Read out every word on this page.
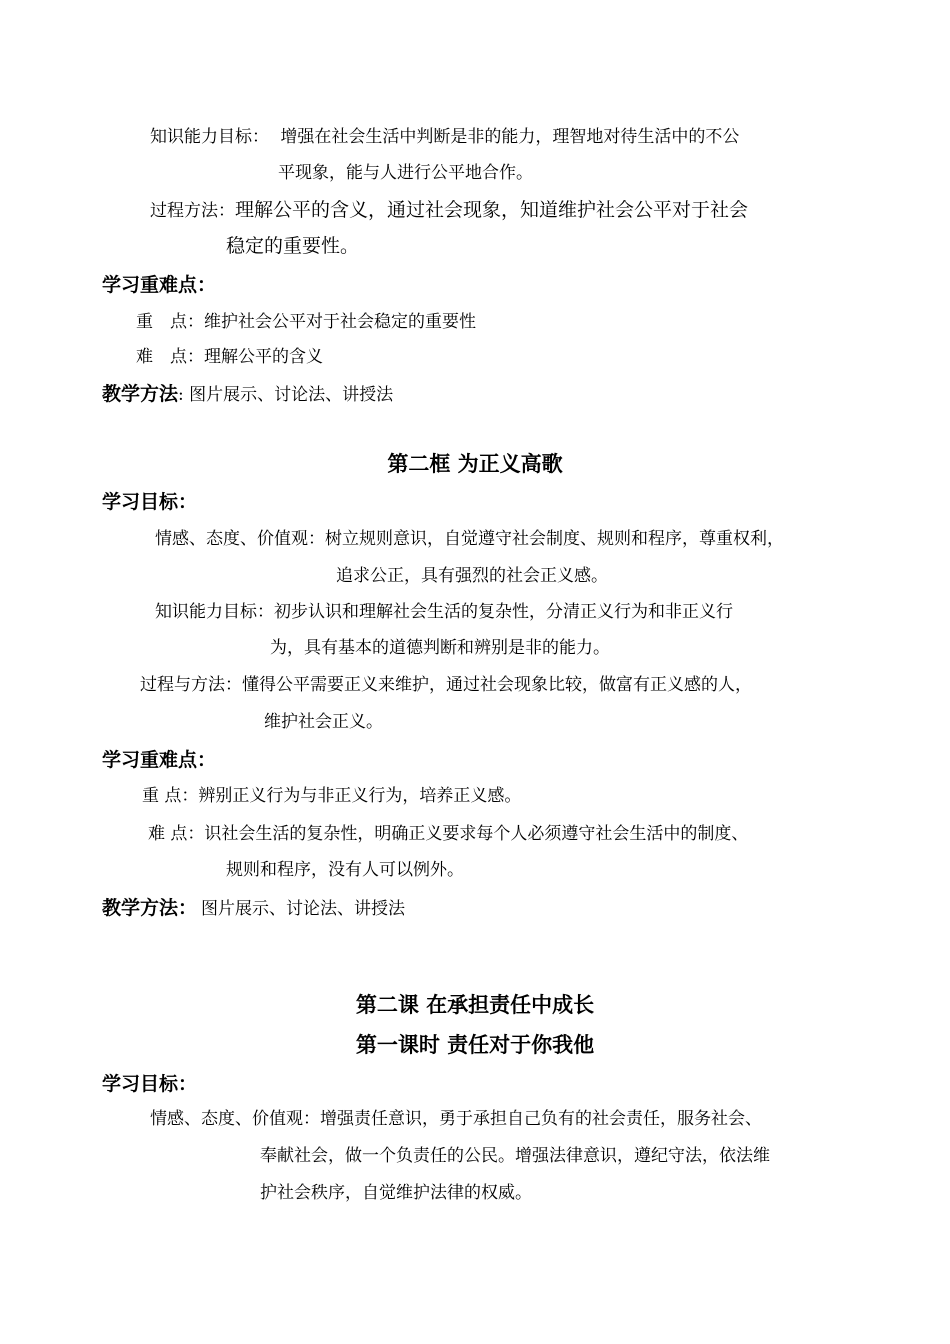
知识能力目标： 增强在社会生活中判断是非的能力，理智地对待生活中的不公
平现象，能与人进行公平地合作。
过程方法：理解公平的含义，通过社会现象，知道维护社会公平对于社会
稳定的重要性。
学习重难点：
重　点：维护社会公平对于社会稳定的重要性
难　点：理解公平的含义
教学方法: 图片展示、讨论法、讲授法
第二框 为正义高歌
学习目标：
情感、态度、价值观：树立规则意识，自觉遵守社会制度、规则和程序，尊重权利，
追求公正，具有强烈的社会正义感。
知识能力目标：初步认识和理解社会生活的复杂性，分清正义行为和非正义行
为，具有基本的道德判断和辨别是非的能力。
过程与方法：懂得公平需要正义来维护，通过社会现象比较，做富有正义感的人，
维护社会正义。
学习重难点：
重 点：辨别正义行为与非正义行为，培养正义感。
难 点：识社会生活的复杂性，明确正义要求每个人必须遵守社会生活中的制度、
规则和程序，没有人可以例外。
教学方法： 图片展示、讨论法、讲授法
第二课 在承担责任中成长
第一课时 责任对于你我他
学习目标：
情感、态度、价值观：增强责任意识，勇于承担自己负有的社会责任，服务社会、
奉献社会，做一个负责任的公民。增强法律意识，遵纪守法，依法维
护社会秩序，自觉维护法律的权威。
